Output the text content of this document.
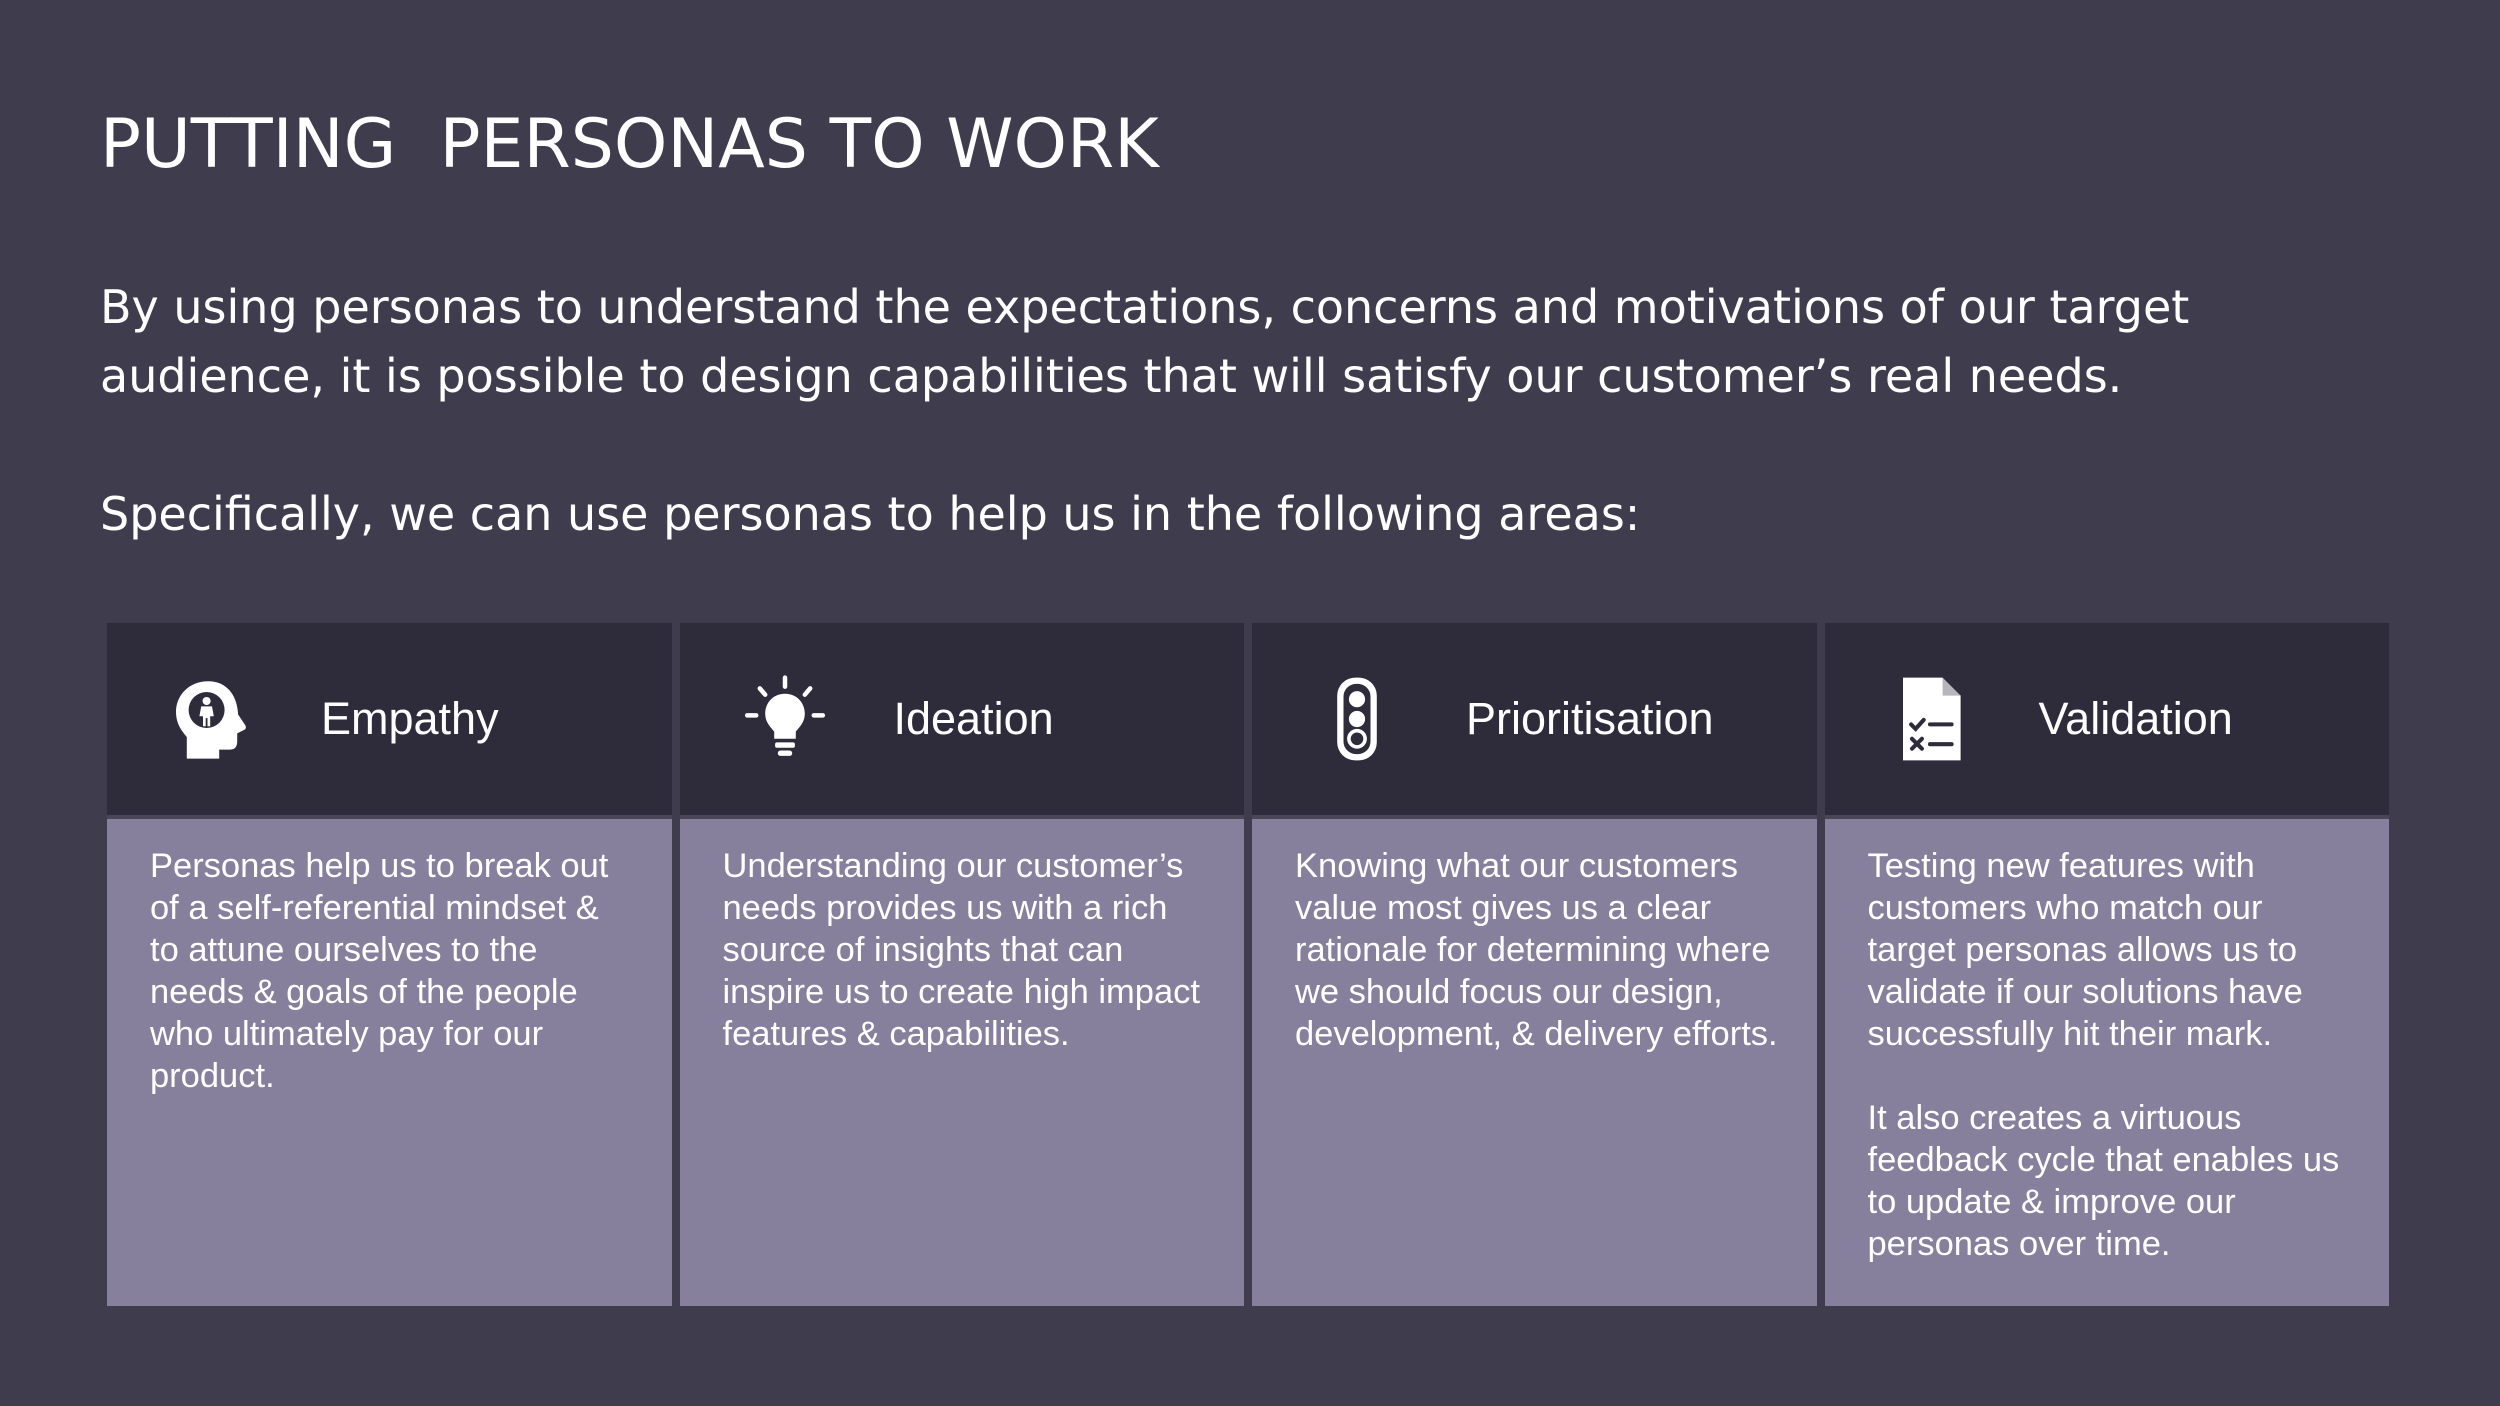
PUTTING  PERSONAS TO WORK

By using personas to understand the expectations, concerns and motivations of our target audience, it is possible to design capabilities that will satisfy our customer’s real needs.

Specifically, we can use personas to help us in the following areas:

Empathy
Personas help us to break out
of a self-referential mindset &
to attune ourselves to the
needs & goals of the people
who ultimately pay for our
product.
Ideation
Understanding our customer’s
needs provides us with a rich
source of insights that can
inspire us to create high impact
features & capabilities.
Prioritisation
Knowing what our customers
value most gives us a clear
rationale for determining where
we should focus our design,
development, & delivery efforts.
Validation
Testing new features with
customers who match our
target personas allows us to
validate if our solutions have
successfully hit their mark.

It also creates a virtuous
feedback cycle that enables us
to update & improve our
personas over time.
